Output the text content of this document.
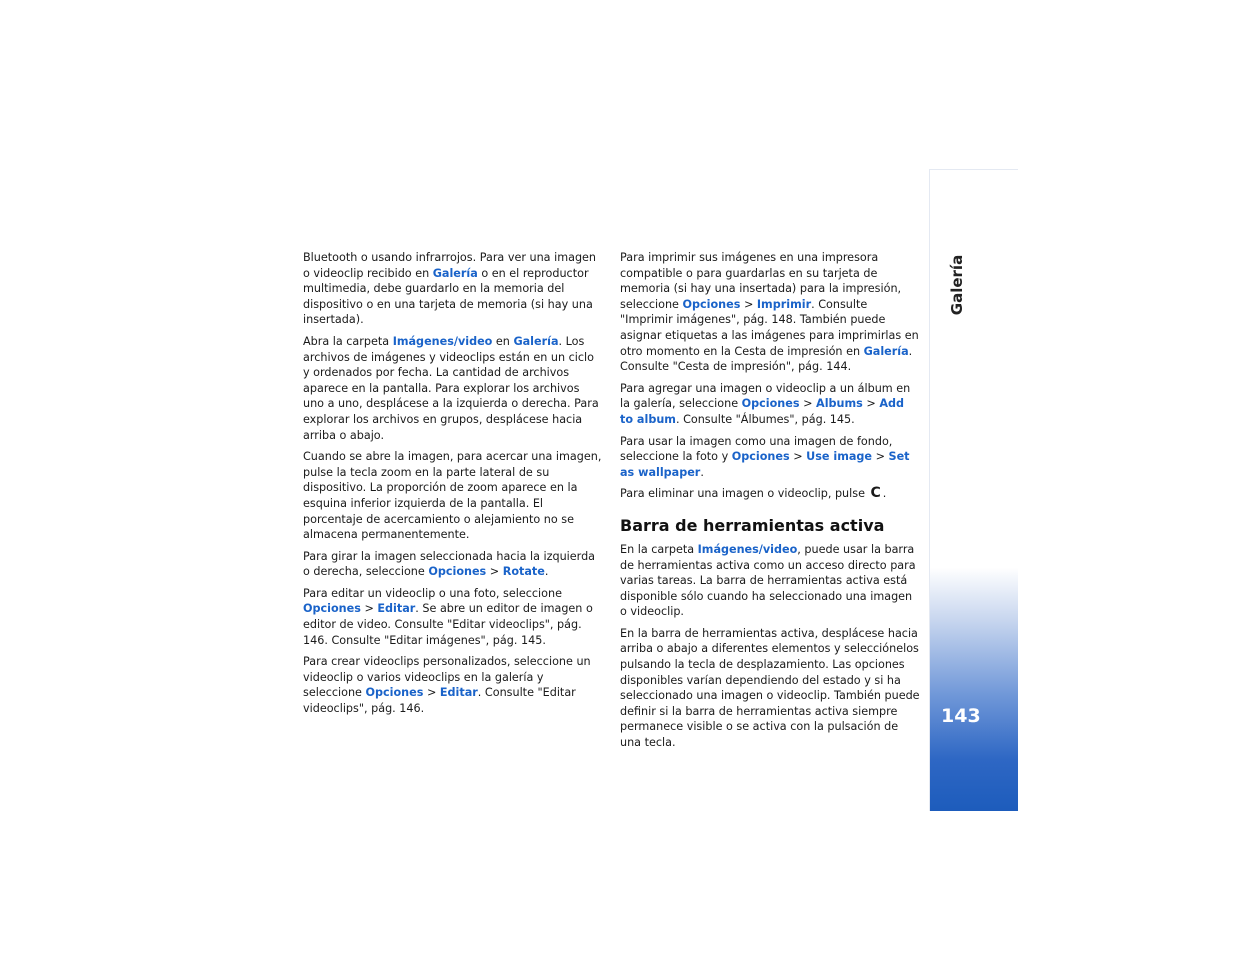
Galería
143

Bluetooth o usando infrarrojos. Para ver una imagen o videoclip recibido en Galería o en el reproductor multimedia, debe guardarlo en la memoria del dispositivo o en una tarjeta de memoria (si hay una insertada).

Abra la carpeta Imágenes/video en Galería. Los archivos de imágenes y videoclips están en un ciclo y ordenados por fecha. La cantidad de archivos aparece en la pantalla. Para explorar los archivos uno a uno, desplácese a la izquierda o derecha. Para explorar los archivos en grupos, desplácese hacia arriba o abajo.

Cuando se abre la imagen, para acercar una imagen, pulse la tecla zoom en la parte lateral de su dispositivo. La proporción de zoom aparece en la esquina inferior izquierda de la pantalla. El porcentaje de acercamiento o alejamiento no se almacena permanentemente.

Para girar la imagen seleccionada hacia la izquierda o derecha, seleccione Opciones > Rotate.

Para editar un videoclip o una foto, seleccione Opciones > Editar. Se abre un editor de imagen o editor de video. Consulte "Editar videoclips", pág. 146. Consulte "Editar imágenes", pág. 145.

Para crear videoclips personalizados, seleccione un videoclip o varios videoclips en la galería y seleccione Opciones > Editar. Consulte "Editar videoclips", pág. 146.

Para imprimir sus imágenes en una impresora compatible o para guardarlas en su tarjeta de memoria (si hay una insertada) para la impresión, seleccione Opciones > Imprimir. Consulte "Imprimir imágenes", pág. 148. También puede asignar etiquetas a las imágenes para imprimirlas en otro momento en la Cesta de impresión en Galería. Consulte "Cesta de impresión", pág. 144.

Para agregar una imagen o videoclip a un álbum en la galería, seleccione Opciones > Albums > Add to album. Consulte "Álbumes", pág. 145.

Para usar la imagen como una imagen de fondo, seleccione la foto y Opciones > Use image > Set as wallpaper.

Para eliminar una imagen o videoclip, pulse C .

Barra de herramientas activa

En la carpeta Imágenes/video, puede usar la barra de herramientas activa como un acceso directo para varias tareas. La barra de herramientas activa está disponible sólo cuando ha seleccionado una imagen o videoclip.

En la barra de herramientas activa, desplácese hacia arriba o abajo a diferentes elementos y selecciónelos pulsando la tecla de desplazamiento. Las opciones disponibles varían dependiendo del estado y si ha seleccionado una imagen o videoclip. También puede definir si la barra de herramientas activa siempre permanece visible o se activa con la pulsación de una tecla.
